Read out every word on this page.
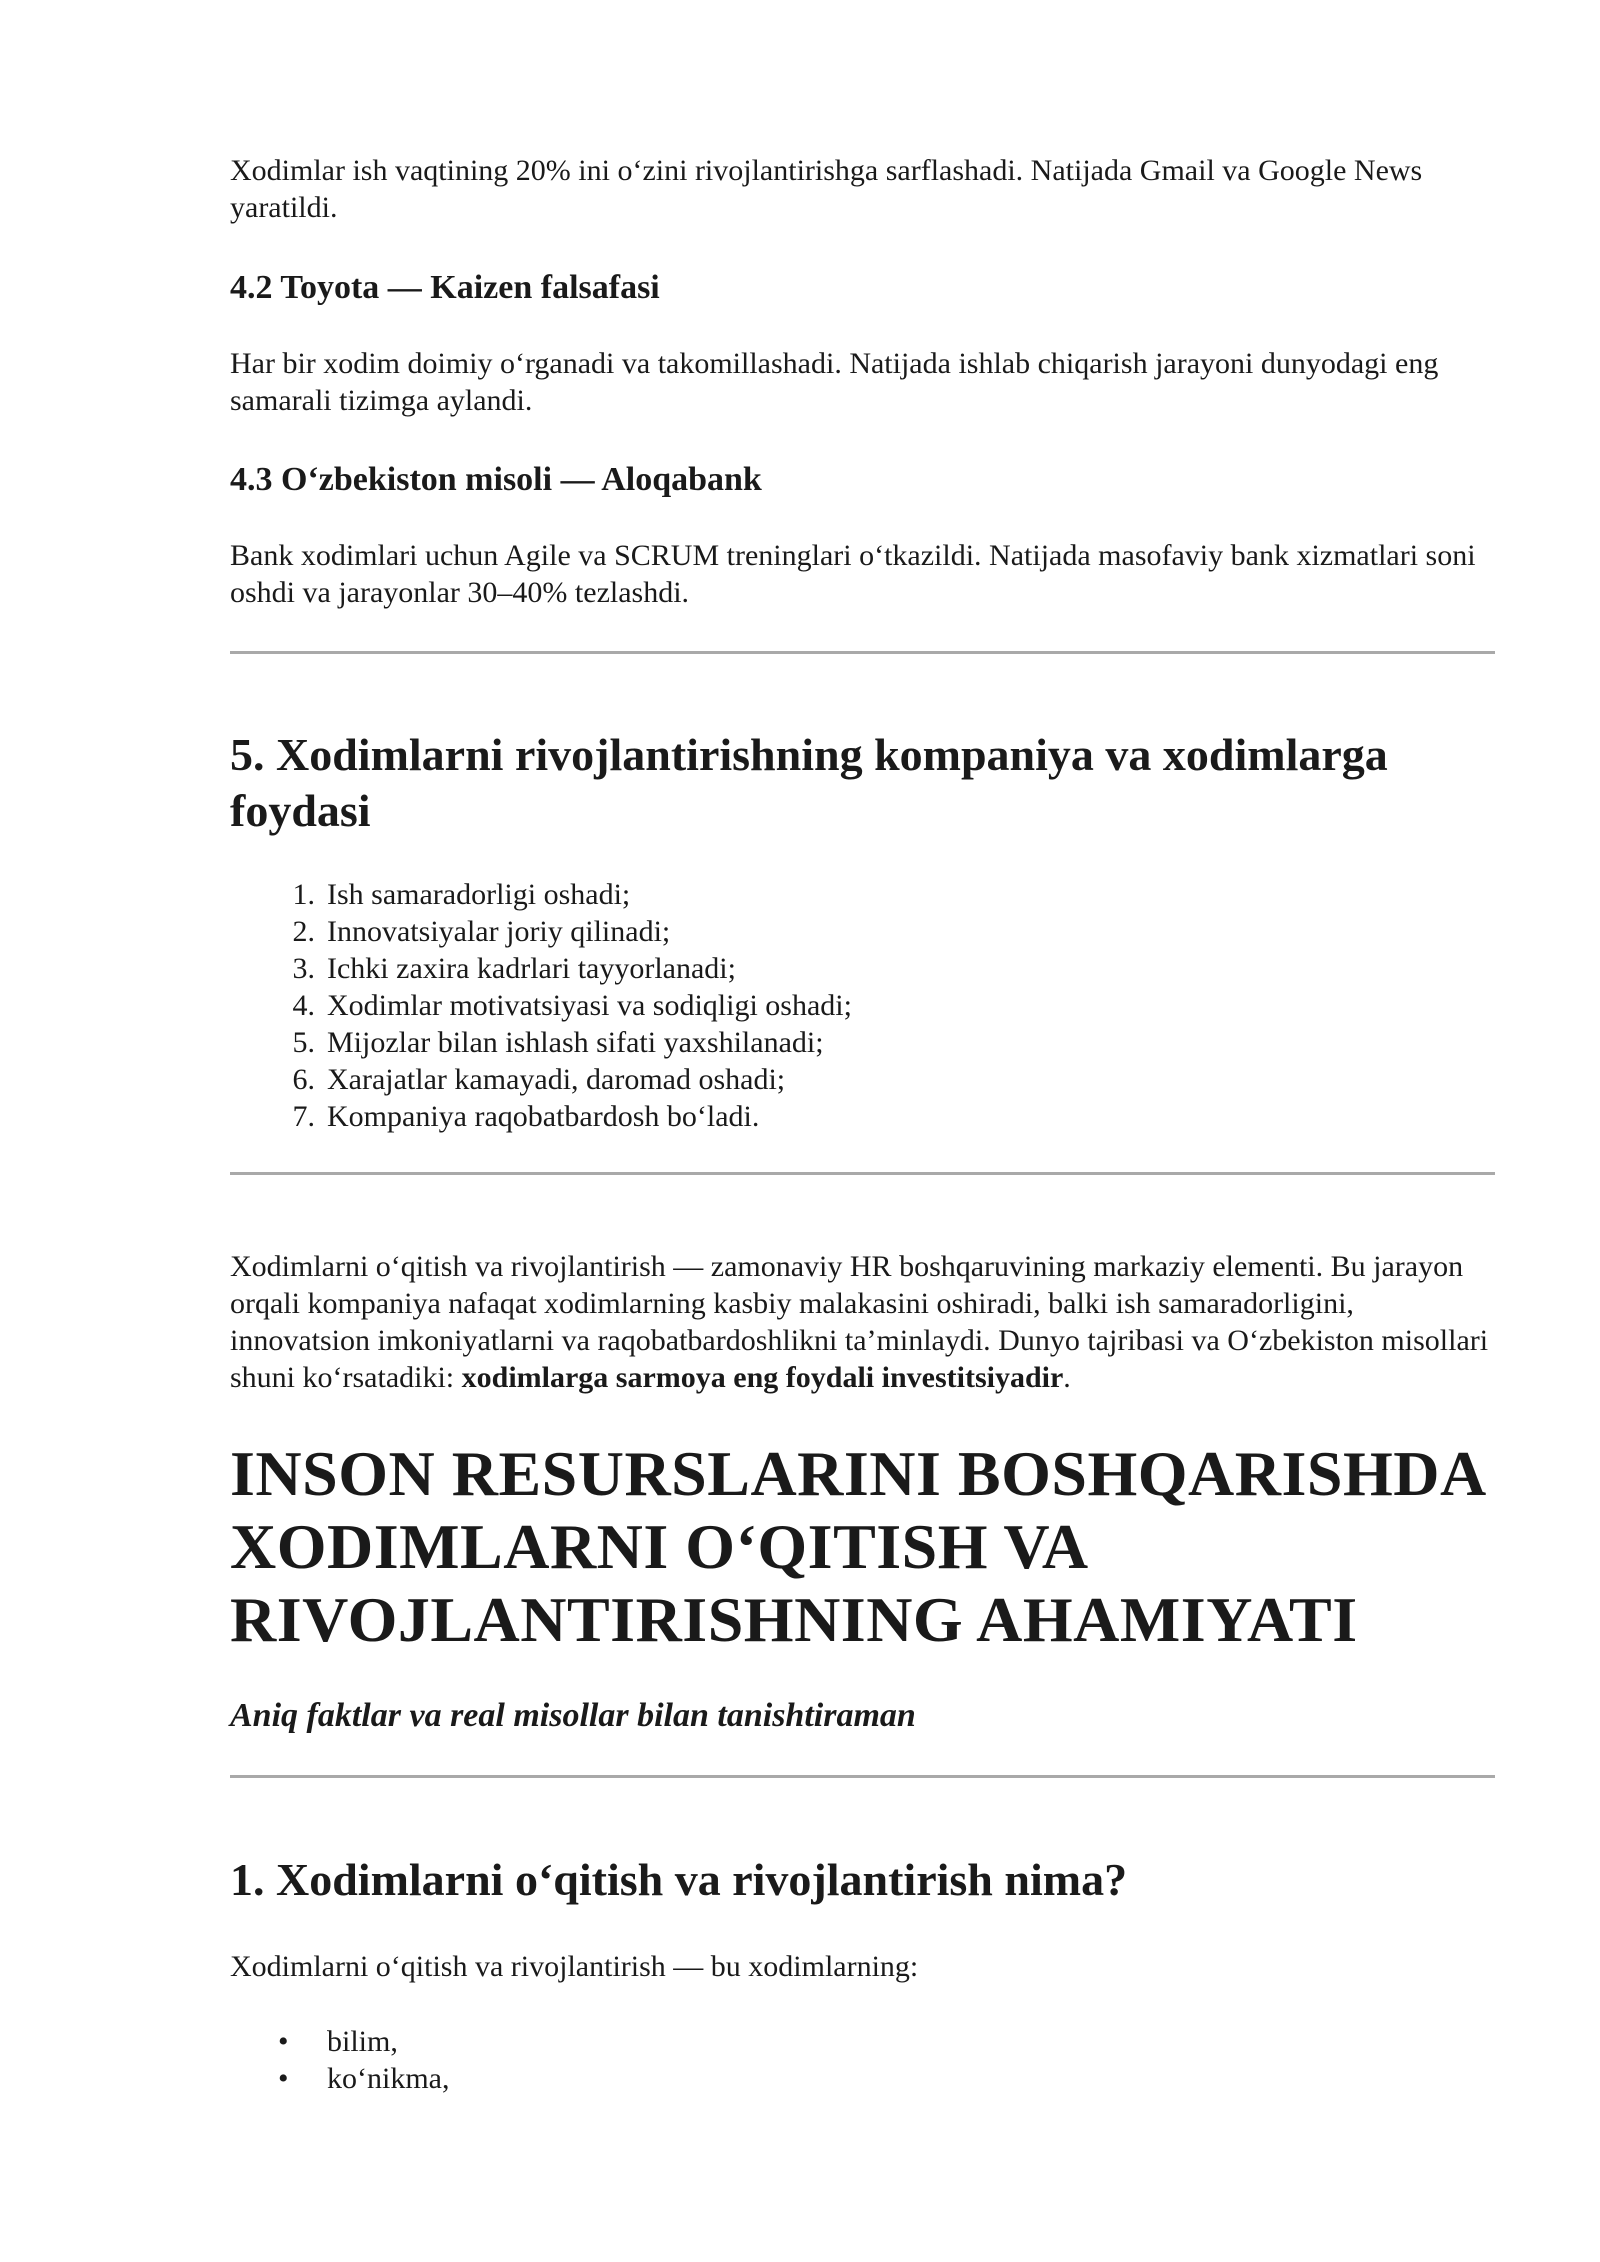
Xodimlar ish vaqtining 20% ini o‘zini rivojlantirishga sarflashadi. Natijada Gmail va Google News yaratildi.

4.2 Toyota — Kaizen falsafasi

Har bir xodim doimiy o‘rganadi va takomillashadi. Natijada ishlab chiqarish jarayoni dunyodagi eng samarali tizimga aylandi.

4.3 O‘zbekiston misoli — Aloqabank

Bank xodimlari uchun Agile va SCRUM treninglari o‘tkazildi. Natijada masofaviy bank xizmatlari soni oshdi va jarayonlar 30–40% tezlashdi.

5. Xodimlarni rivojlantirishning kompaniya va xodimlarga foydasi
1. Ish samaradorligi oshadi;
2. Innovatsiyalar joriy qilinadi;
3. Ichki zaxira kadrlari tayyorlanadi;
4. Xodimlar motivatsiyasi va sodiqligi oshadi;
5. Mijozlar bilan ishlash sifati yaxshilanadi;
6. Xarajatlar kamayadi, daromad oshadi;
7. Kompaniya raqobatbardosh bo‘ladi.

Xodimlarni o‘qitish va rivojlantirish — zamonaviy HR boshqaruvining markaziy elementi. Bu jarayon orqali kompaniya nafaqat xodimlarning kasbiy malakasini oshiradi, balki ish samaradorligini, innovatsion imkoniyatlarni va raqobatbardoshlikni ta’minlaydi. Dunyo tajribasi va O‘zbekiston misollari shuni ko‘rsatadiki: xodimlarga sarmoya eng foydali investitsiyadir.

INSON RESURSLARINI BOSHQARISHDA XODIMLARNI O‘QITISH VA RIVOJLANTIRISHNING AHAMIYATI

Aniq faktlar va real misollar bilan tanishtiraman

1. Xodimlarni o‘qitish va rivojlantirish nima?

Xodimlarni o‘qitish va rivojlantirish — bu xodimlarning:

• bilim,
• ko‘nikma,
